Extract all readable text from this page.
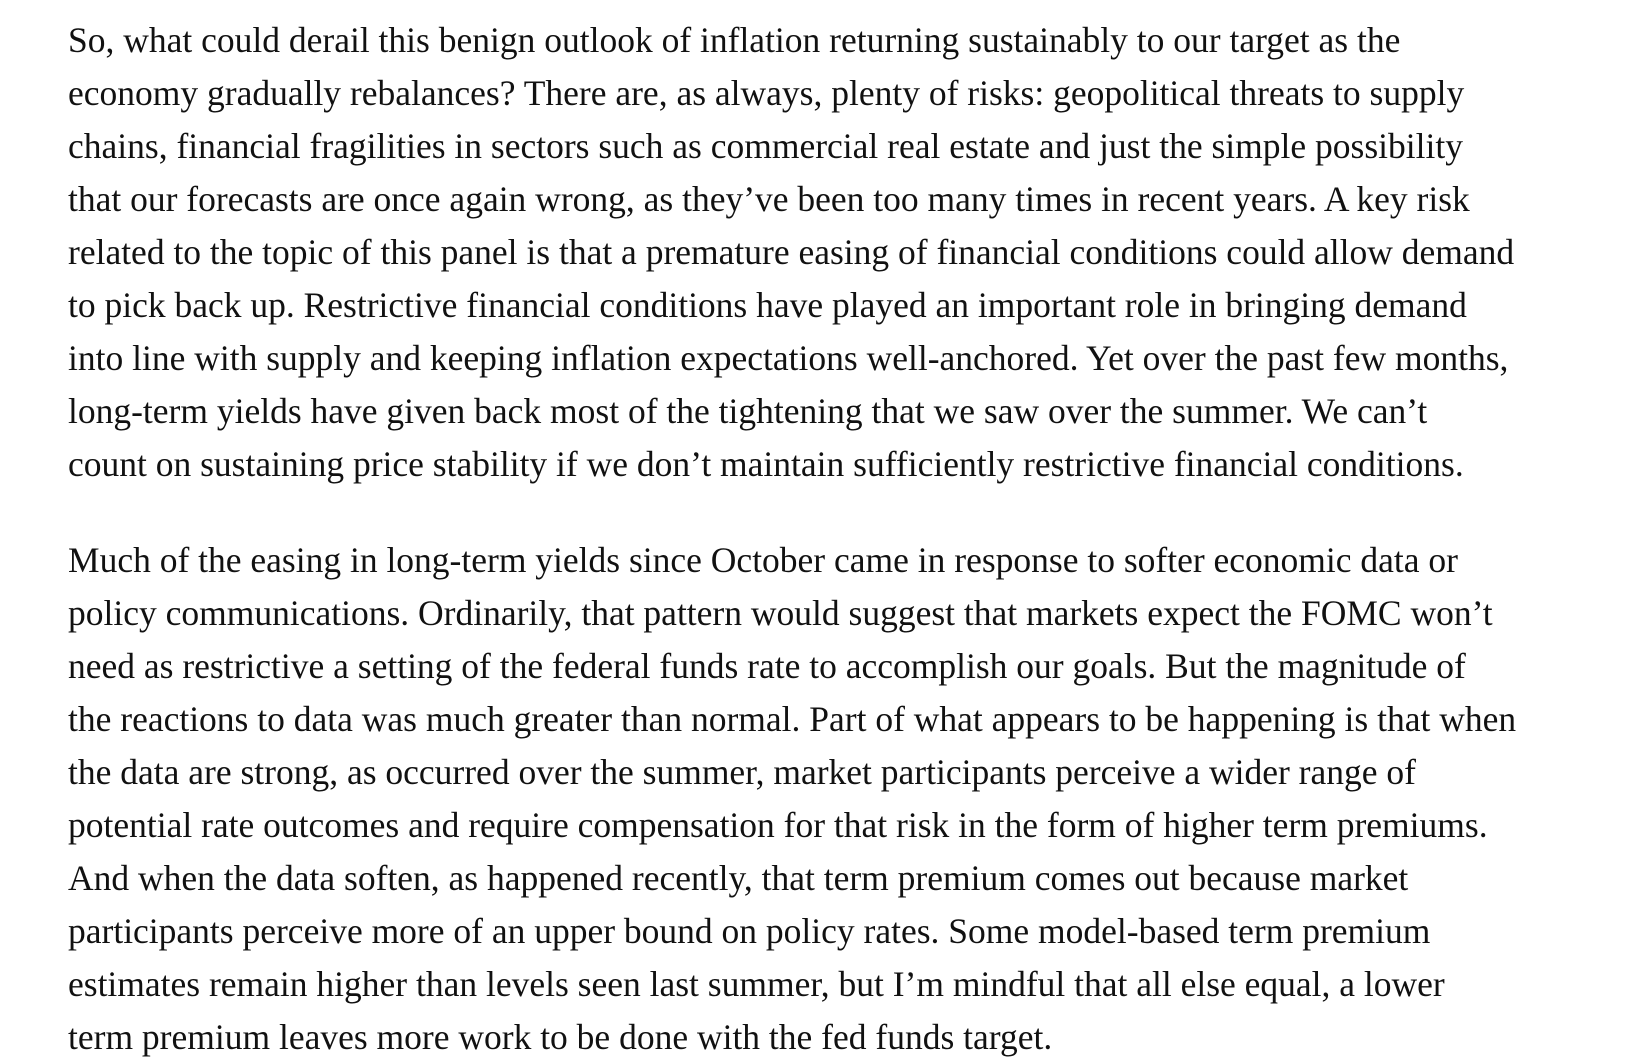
So, what could derail this benign outlook of inflation returning sustainably to our target as the
economy gradually rebalances? There are, as always, plenty of risks: geopolitical threats to supply
chains, financial fragilities in sectors such as commercial real estate and just the simple possibility
that our forecasts are once again wrong, as they’ve been too many times in recent years. A key risk
related to the topic of this panel is that a premature easing of financial conditions could allow demand
to pick back up. Restrictive financial conditions have played an important role in bringing demand
into line with supply and keeping inflation expectations well-anchored. Yet over the past few months,
long-term yields have given back most of the tightening that we saw over the summer. We can’t
count on sustaining price stability if we don’t maintain sufficiently restrictive financial conditions.
Much of the easing in long-term yields since October came in response to softer economic data or
policy communications. Ordinarily, that pattern would suggest that markets expect the FOMC won’t
need as restrictive a setting of the federal funds rate to accomplish our goals. But the magnitude of
the reactions to data was much greater than normal. Part of what appears to be happening is that when
the data are strong, as occurred over the summer, market participants perceive a wider range of
potential rate outcomes and require compensation for that risk in the form of higher term premiums.
And when the data soften, as happened recently, that term premium comes out because market
participants perceive more of an upper bound on policy rates. Some model-based term premium
estimates remain higher than levels seen last summer, but I’m mindful that all else equal, a lower
term premium leaves more work to be done with the fed funds target.
